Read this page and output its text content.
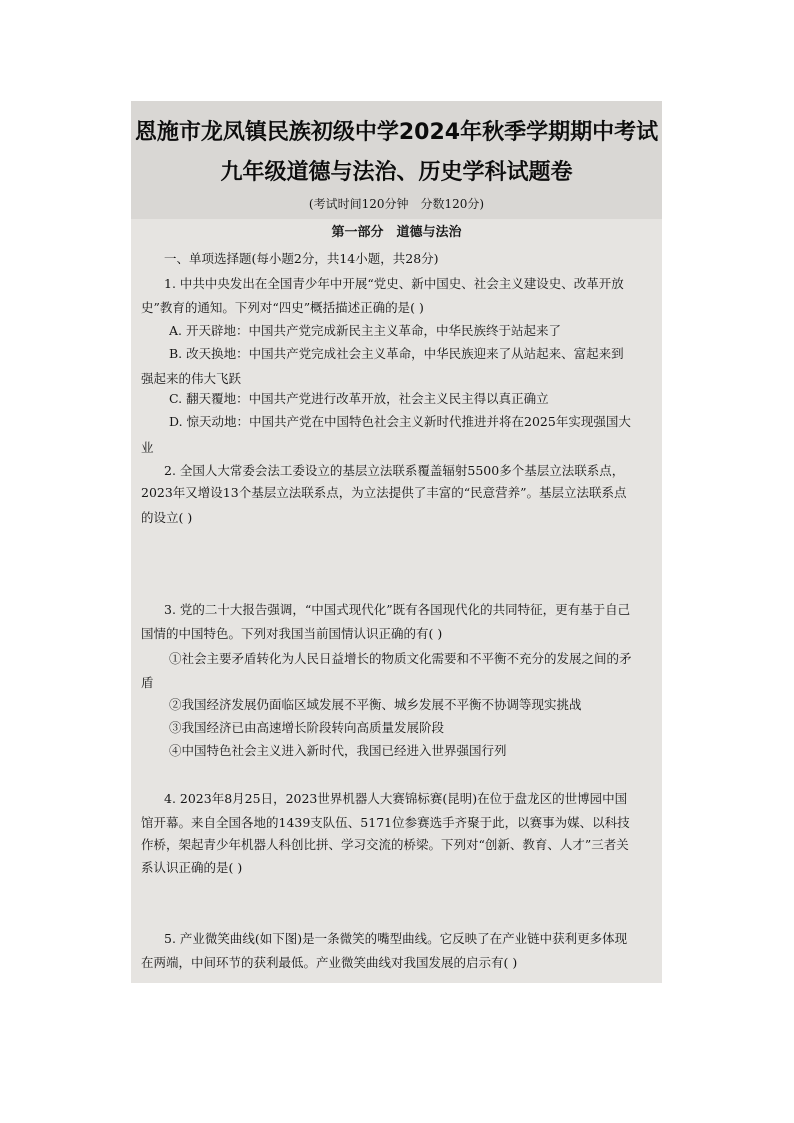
恩施市龙凤镇民族初级中学2024年秋季学期期中考试
九年级道德与法治、历史学科试题卷
(考试时间120分钟　分数120分)
第一部分　道德与法治
一、单项选择题(每小题2分，共14小题，共28分)
1. 中共中央发出在全国青少年中开展“党史、新中国史、社会主义建设史、改革开放
史”教育的通知。下列对“四史”概括描述正确的是( )
A. 开天辟地：中国共产党完成新民主主义革命，中华民族终于站起来了
B. 改天换地：中国共产党完成社会主义革命，中华民族迎来了从站起来、富起来到
强起来的伟大飞跃
C. 翻天覆地：中国共产党进行改革开放，社会主义民主得以真正确立
D. 惊天动地：中国共产党在中国特色社会主义新时代推进并将在2025年实现强国大
业
2. 全国人大常委会法工委设立的基层立法联系覆盖辐射5500多个基层立法联系点，
2023年又增设13个基层立法联系点，为立法提供了丰富的“民意营养”。基层立法联系点
的设立( )
3. 党的二十大报告强调，“中国式现代化”既有各国现代化的共同特征，更有基于自己
国情的中国特色。下列对我国当前国情认识正确的有( )
①社会主要矛盾转化为人民日益增长的物质文化需要和不平衡不充分的发展之间的矛
盾
②我国经济发展仍面临区域发展不平衡、城乡发展不平衡不协调等现实挑战
③我国经济已由高速增长阶段转向高质量发展阶段
④中国特色社会主义进入新时代，我国已经进入世界强国行列
4. 2023年8月25日，2023世界机器人大赛锦标赛(昆明)在位于盘龙区的世博园中国
馆开幕。来自全国各地的1439支队伍、5171位参赛选手齐聚于此，以赛事为媒、以科技
作桥，架起青少年机器人科创比拼、学习交流的桥梁。下列对“创新、教育、人才”三者关
系认识正确的是( )
5. 产业微笑曲线(如下图)是一条微笑的嘴型曲线。它反映了在产业链中获利更多体现
在两端，中间环节的获利最低。产业微笑曲线对我国发展的启示有( )
